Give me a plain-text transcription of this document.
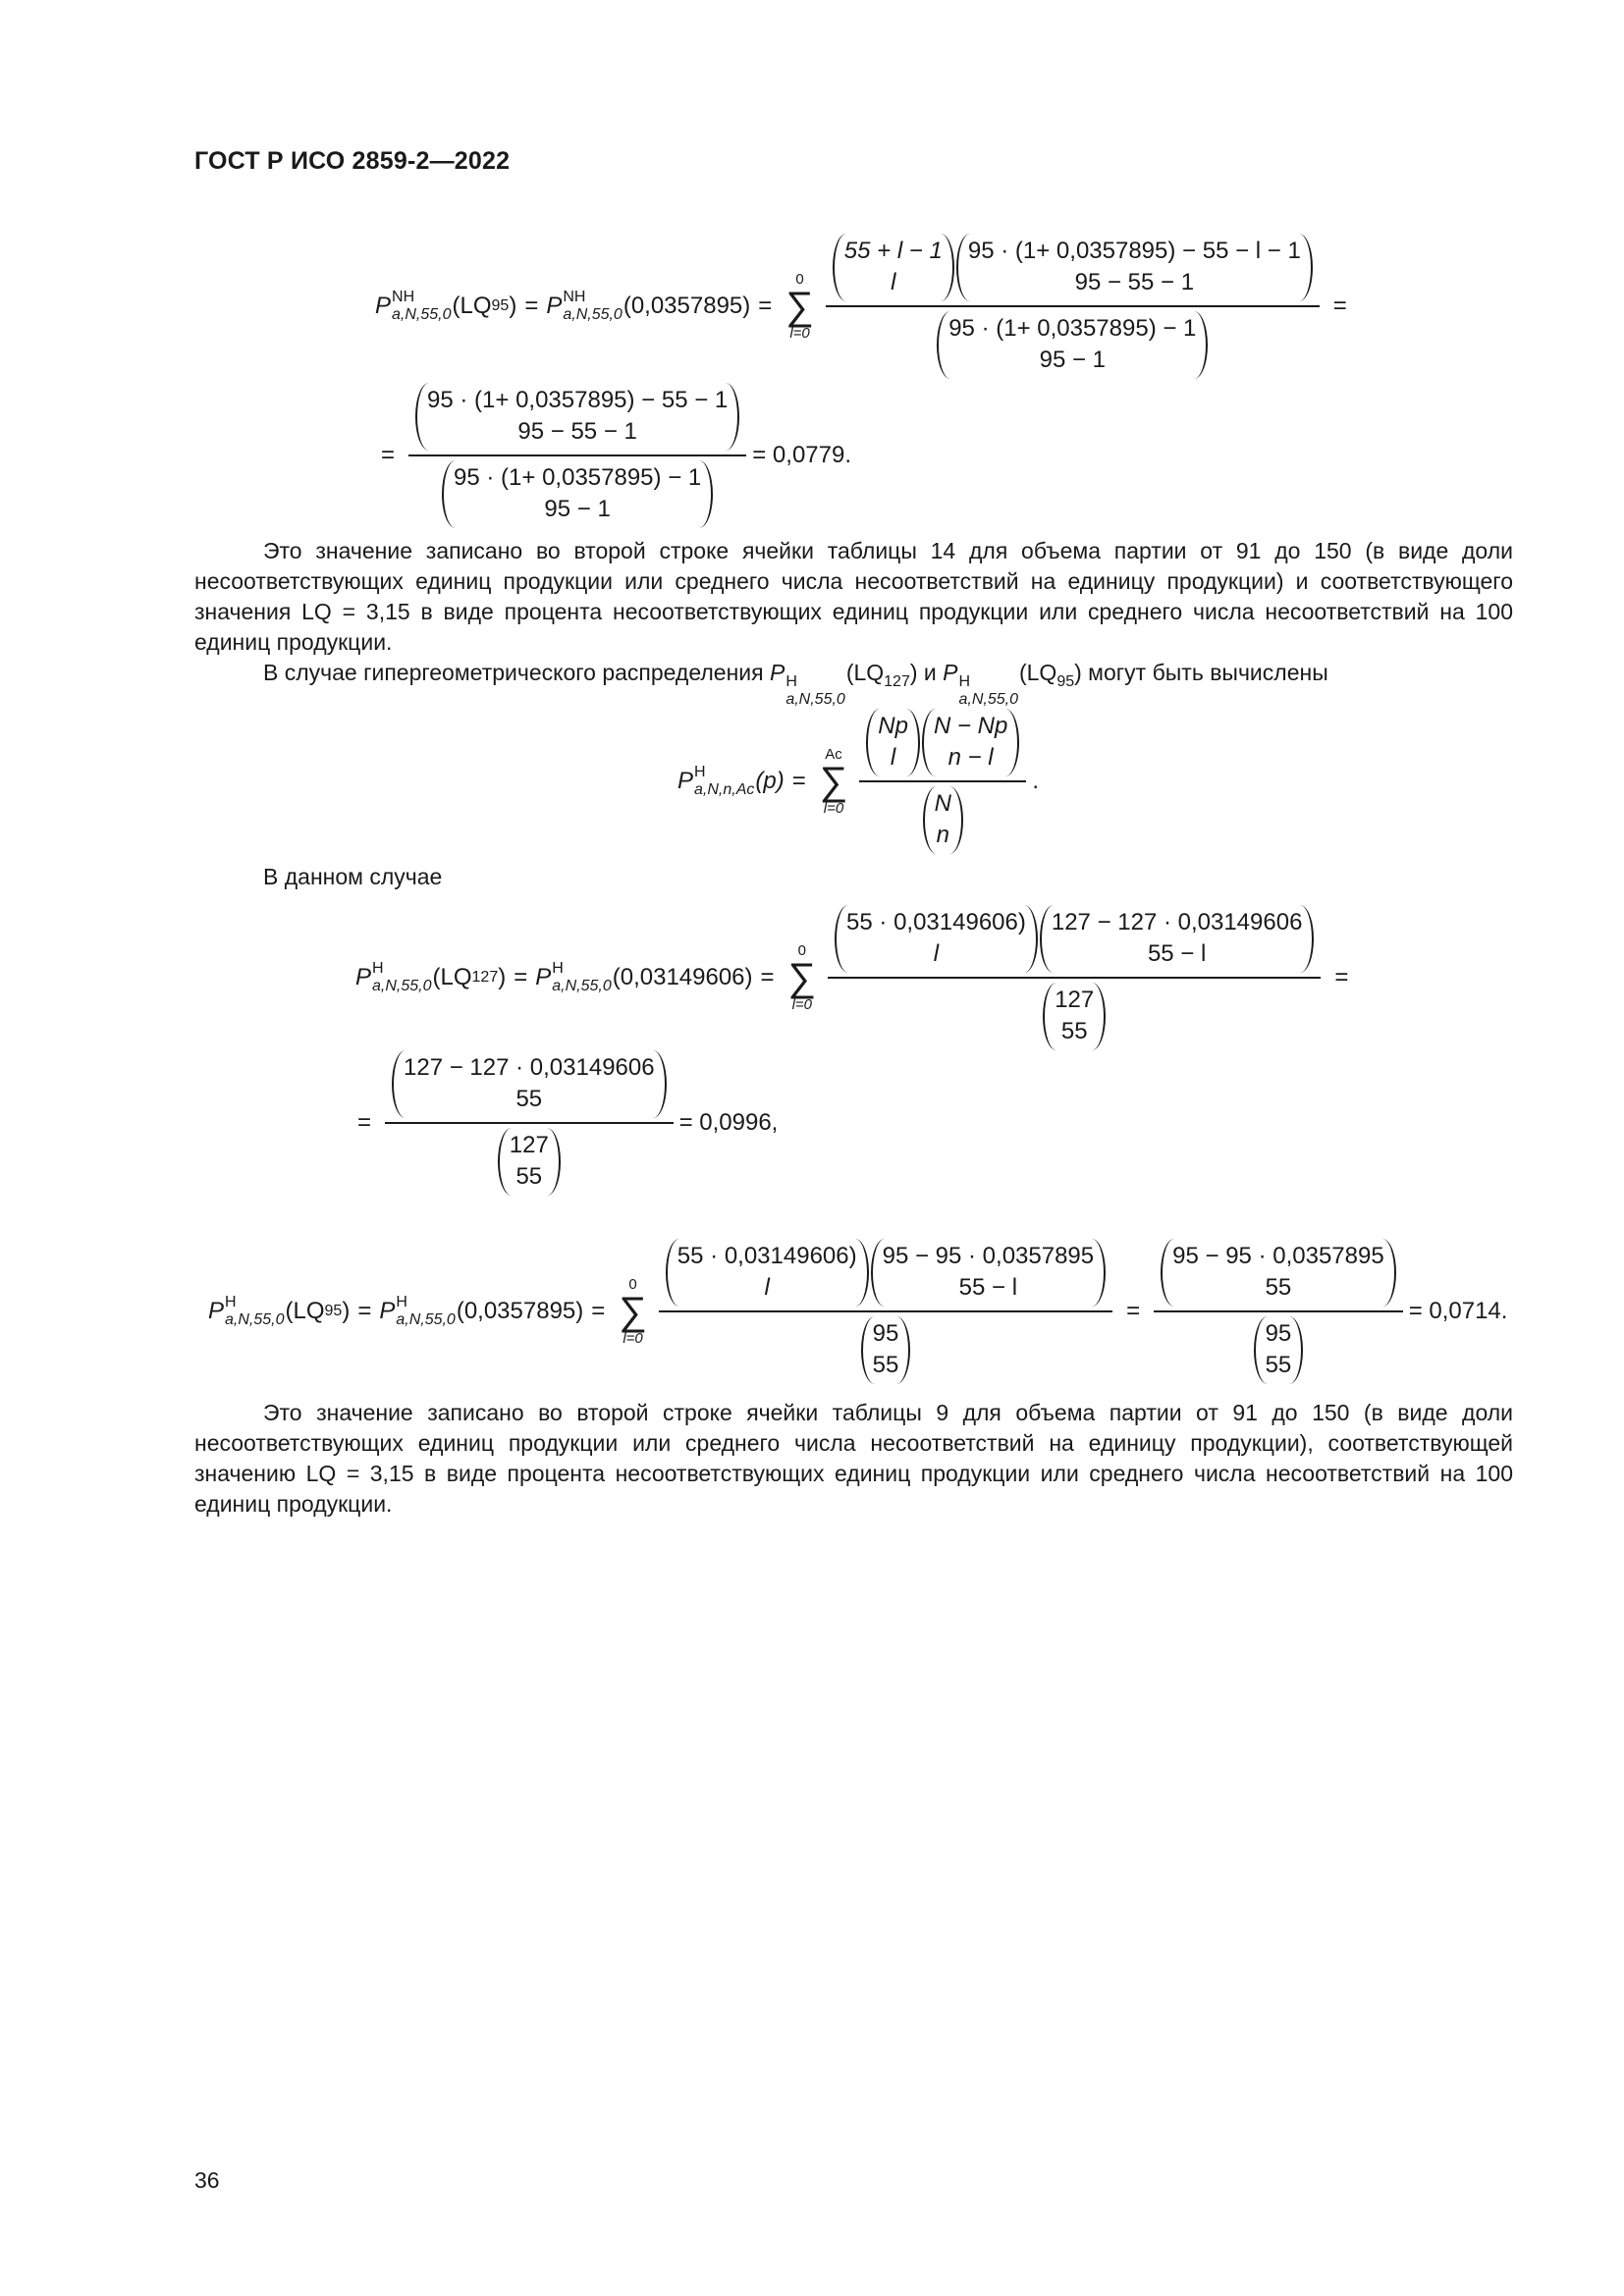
ГОСТ Р ИСО 2859-2—2022
P NH
a,N,55,0 (LQ 95 ) = P NH
a,N,55,0 (0,0357895) =
0
∑
l=0
55 + l − 1
l
95 · (1+ 0,0357895) − 55 − l − 1
95 − 55 − 1
95 · (1+ 0,0357895) − 1
95 − 1
=
= 95 · (1+ 0,0357895) − 55 − 1
95 − 55 − 1
95 · (1+ 0,0357895) − 1
95 − 1 = 0,0779.
Это значение записано во второй строке ячейки таблицы 14 для объема партии от 91 до 150 (в виде доли несоответствующих единиц продукции или среднего числа несоответствий на единицу продукции) и соответствующего значения LQ = 3,15 в виде процента несоответствующих единиц продукции или среднего числа несоответствий на 100 единиц продукции.
В случае гипергеометрического распределения P H
a,N,55,0
$(LQ_{127})$ и P H
a,N,55,0
$(LQ_{95})$ могут быть вычислены
P H
a,N,n,Ac (p) =
Ac
∑
l=0 Np
l
N − Np
n − l
N
n .
В данном случае
P H
a,N,55,0 (LQ 127 ) = P H
a,N,55,0 (0,03149606) =
0
∑
l=0 55 · 0,03149606)
l
127 − 127 · 0,03149606
55 − l
127
55 =
= 127 − 127 · 0,03149606
55
127
55 = 0,0996,
P H
a,N,55,0 (LQ 95 ) = P H
a,N,55,0 (0,0357895) =
0
∑
l=0 55 · 0,03149606)
l
95 − 95 · 0,0357895
55 − l
95
55 = 95 − 95 · 0,0357895
55
95
55 = 0,0714.
Это значение записано во второй строке ячейки таблицы 9 для объема партии от 91 до 150 (в виде доли несоответствующих единиц продукции или среднего числа несоответствий на единицу продукции), соответствующей значению LQ = 3,15 в виде процента несоответствующих единиц продукции или среднего числа несоответствий на 100 единиц продукции.
36
